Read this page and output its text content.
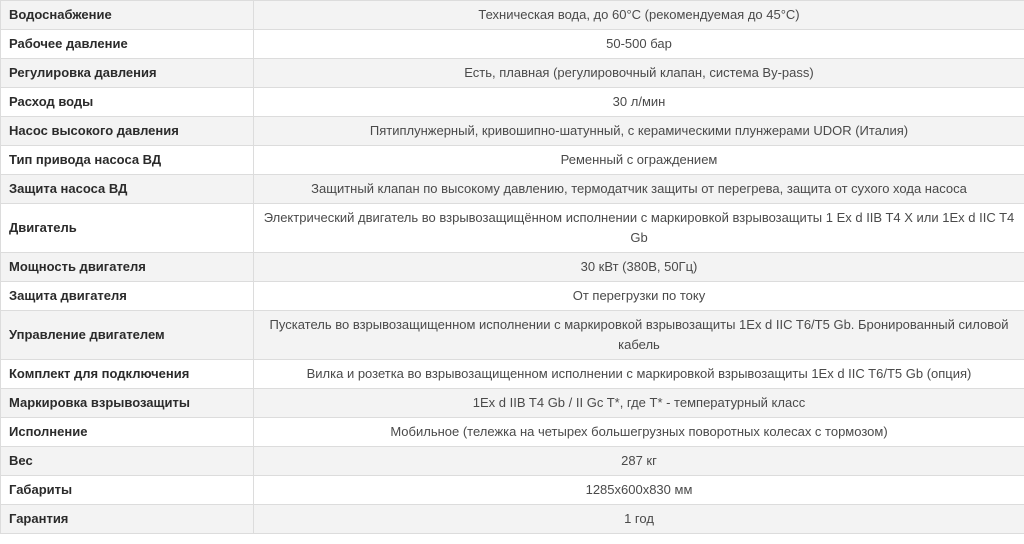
Водоснабжение	Техническая вода, до 60°С (рекомендуемая до 45°С)
Рабочее давление	50-500 бар
Регулировка давления	Есть, плавная (регулировочный клапан, система By-pass)
Расход воды	30 л/мин
Насос высокого давления	Пятиплунжерный, кривошипно-шатунный, с керамическими плунжерами UDOR (Италия)
Тип привода насоса ВД	Ременный с ограждением
Защита насоса ВД	Защитный клапан по высокому давлению, термодатчик защиты от перегрева, защита от сухого хода насоса
Двигатель	Электрический двигатель во взрывозащищённом исполнении с маркировкой взрывозащиты 1 Ex d IIB T4 X или 1Ex d IIC T4 Gb
Мощность двигателя	30 кВт (380В, 50Гц)
Защита двигателя	От перегрузки по току
Управление двигателем	Пускатель во взрывозащищенном исполнении с маркировкой взрывозащиты 1Ex d IIC T6/T5 Gb. Бронированный силовой кабель
Комплект для подключения	Вилка и розетка во взрывозащищенном исполнении с маркировкой взрывозащиты 1Ex d IIC T6/T5 Gb (опция)
Маркировка взрывозащиты	1Ex d IIB T4 Gb / II Gc T*, где T* - температурный класс
Исполнение	Мобильное (тележка на четырех большегрузных поворотных колесах с тормозом)
Вес	287 кг
Габариты	1285х600х830 мм
Гарантия	1 год
